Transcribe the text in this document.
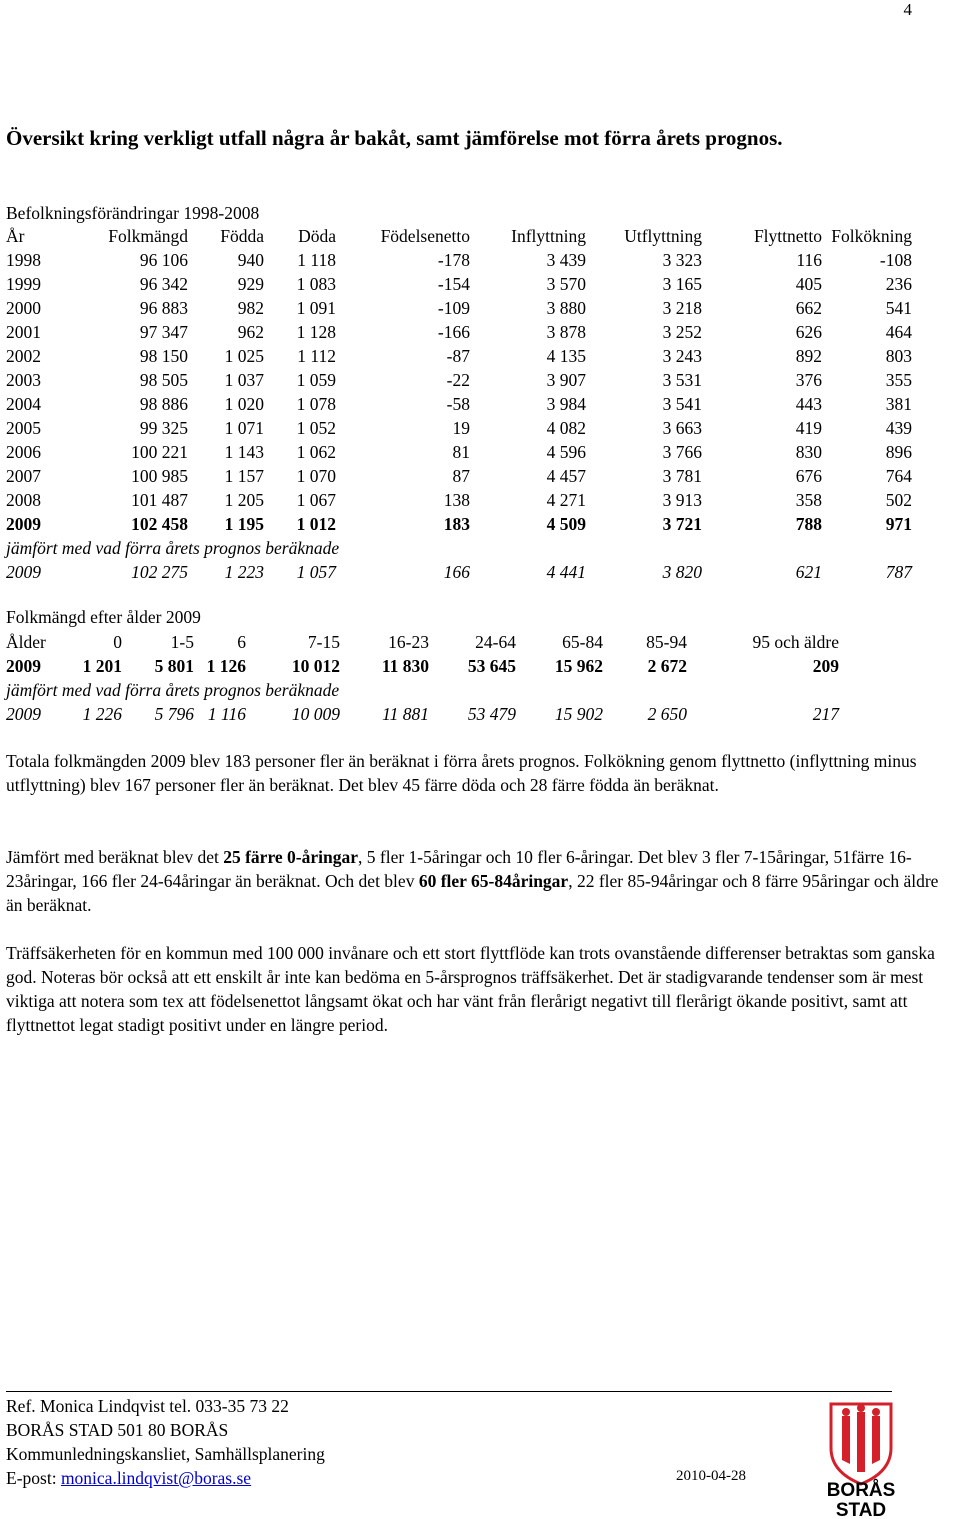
4
Översikt kring verkligt utfall några år bakåt, samt jämförelse mot förra årets prognos.
Befolkningsförändringar 1998-2008
År	Folkmängd	Födda	Döda	Födelsenetto	Inflyttning	Utflyttning	Flyttnetto	Folkökning
1998	96 106	940	1 118	-178	3 439	3 323	116	-108
1999	96 342	929	1 083	-154	3 570	3 165	405	236
2000	96 883	982	1 091	-109	3 880	3 218	662	541
2001	97 347	962	1 128	-166	3 878	3 252	626	464
2002	98 150	1 025	1 112	-87	4 135	3 243	892	803
2003	98 505	1 037	1 059	-22	3 907	3 531	376	355
2004	98 886	1 020	1 078	-58	3 984	3 541	443	381
2005	99 325	1 071	1 052	19	4 082	3 663	419	439
2006	100 221	1 143	1 062	81	4 596	3 766	830	896
2007	100 985	1 157	1 070	87	4 457	3 781	676	764
2008	101 487	1 205	1 067	138	4 271	3 913	358	502
2009	102 458	1 195	1 012	183	4 509	3 721	788	971
jämfört med vad förra årets prognos beräknade								
2009	102 275	1 223	1 057	166	4 441	3 820	621	787
Folkmängd efter ålder 2009
Ålder	0	1-5	6	7-15	16-23	24-64	65-84	85-94	95 och äldre
2009	1 201	5 801	1 126	10 012	11 830	53 645	15 962	2 672	209
jämfört med vad förra årets prognos beräknade									
2009	1 226	5 796	1 116	10 009	11 881	53 479	15 902	2 650	217
Totala folkmängden 2009 blev 183 personer fler än beräknat i förra årets prognos. Folkökning genom flyttnetto (inflyttning minus utflyttning) blev 167 personer fler än beräknat. Det blev 45 färre döda och 28 färre födda än beräknat.
Jämfört med beräknat blev det 25 färre 0-åringar, 5 fler 1-5åringar och 10 fler 6-åringar. Det blev 3 fler 7-15åringar, 51färre 16-23åringar, 166 fler 24-64åringar än beräknat. Och det blev 60 fler 65-84åringar, 22 fler 85-94åringar och 8 färre 95åringar och äldre än beräknat.
Träffsäkerheten för en kommun med 100 000 invånare och ett stort flyttflöde kan trots ovanstående differenser betraktas som ganska god. Noteras bör också att ett enskilt år inte kan bedöma en 5-årsprognos träffsäkerhet. Det är stadigvarande tendenser som är mest viktiga att notera som tex att födelsenettot långsamt ökat och har vänt från flerårigt negativt till flerårigt ökande positivt, samt att flyttnettot legat stadigt positivt under en längre period.
Ref. Monica Lindqvist tel. 033-35 73 22
BORÅS STAD 501 80 BORÅS
Kommunledningskansliet, Samhällsplanering
E-post: monica.lindqvist@boras.se	2010-04-28
BORÅS
STAD
